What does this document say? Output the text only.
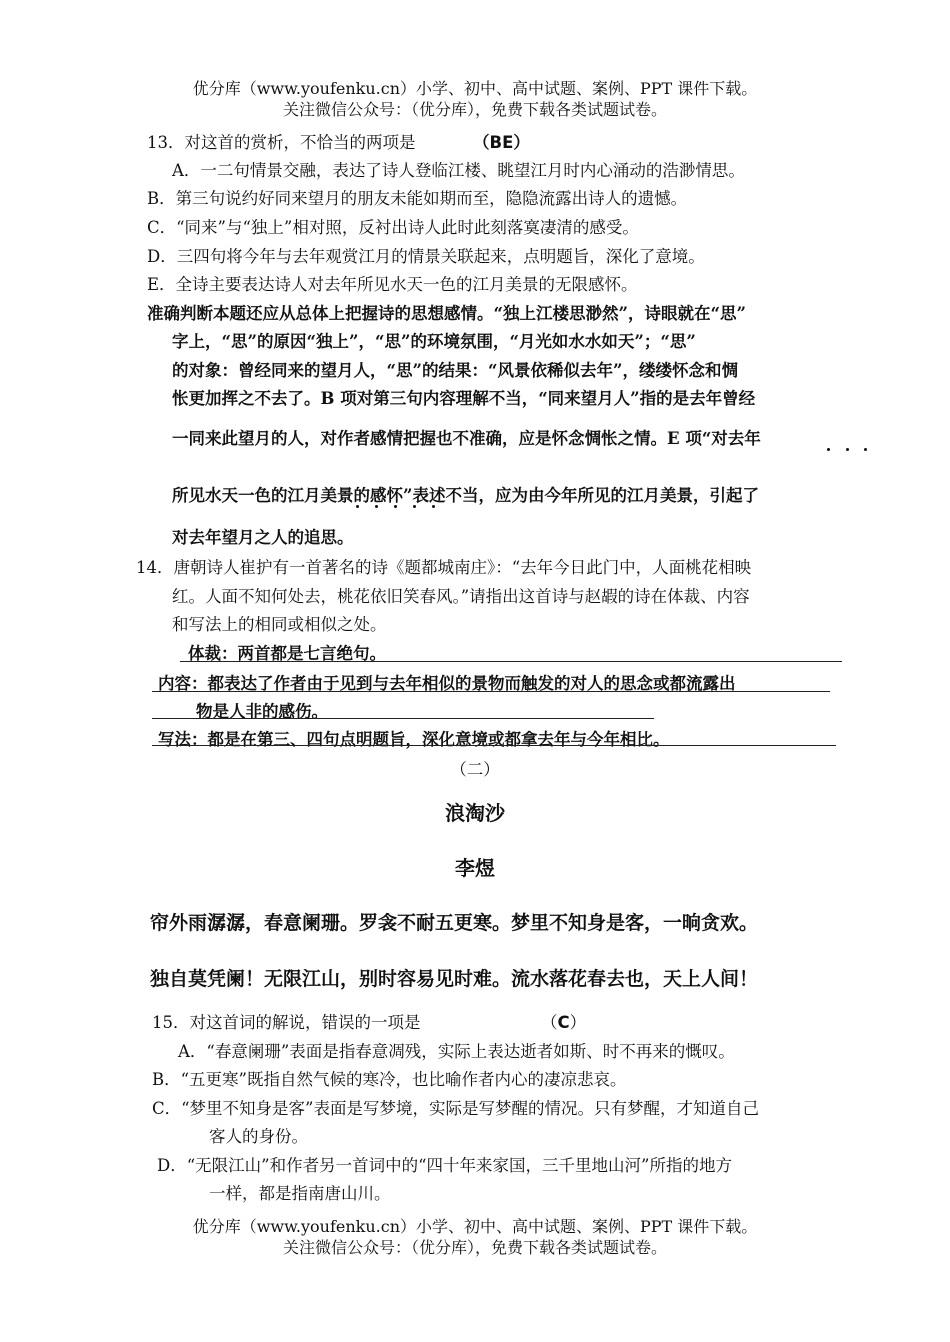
优分库（www.youfenku.cn）小学、初中、高中试题、案例、PPT 课件下载。
关注微信公众号：（优分库），免费下载各类试题试卷。
13．对这首的赏析，不恰当的两项是	（BE）
A．一二句情景交融，表达了诗人登临江楼、眺望江月时内心涌动的浩渺情思。
B．第三句说约好同来望月的朋友未能如期而至，隐隐流露出诗人的遗憾。
C．“同来”与“独上”相对照，反衬出诗人此时此刻落寞凄清的感受。
D．三四句将今年与去年观赏江月的情景关联起来，点明题旨，深化了意境。
E．全诗主要表达诗人对去年所见水天一色的江月美景的无限感怀。
准确判断本题还应从总体上把握诗的思想感情。“独上江楼思渺然”，诗眼就在“思”
字上，“思”的原因“独上”，“思”的环境氛围，“月光如水水如天”；“思”
的对象：曾经同来的望月人，“思”的结果：“风景依稀似去年”，缕缕怀念和惆
怅更加挥之不去了。B 项对第三句内容理解不当，“同来望月人”指的是去年曾经
一同来此望月的人，对作者感情把握也不准确，应是怀念惆怅之情。E 项“对去年
所见水天一色的江月美景的感怀”表述不当，应为由今年所见的江月美景，引起了
对去年望月之人的追思。
14．唐朝诗人崔护有一首著名的诗《题都城南庄》：“去年今日此门中，人面桃花相映
红。人面不知何处去，桃花依旧笑春风。”请指出这首诗与赵嘏的诗在体裁、内容
和写法上的相同或相似之处。
体裁：两首都是七言绝句。
内容：都表达了作者由于见到与去年相似的景物而触发的对人的思念或都流露出
物是人非的感伤。
写法：都是在第三、四句点明题旨，深化意境或都拿去年与今年相比。
（二）
浪淘沙
李煜
帘外雨潺潺，春意阑珊。罗衾不耐五更寒。梦里不知身是客，一晌贪欢。
独自莫凭阑！无限江山，别时容易见时难。流水落花春去也，天上人间！
15．对这首词的解说，错误的一项是	（C）
A．“春意阑珊”表面是指春意凋残，实际上表达逝者如斯、时不再来的慨叹。
B．“五更寒”既指自然气候的寒冷，也比喻作者内心的凄凉悲哀。
C．“梦里不知身是客”表面是写梦境，实际是写梦醒的情况。只有梦醒，才知道自己
客人的身份。
D．“无限江山”和作者另一首词中的“四十年来家国，三千里地山河”所指的地方
一样，都是指南唐山川。
优分库（www.youfenku.cn）小学、初中、高中试题、案例、PPT 课件下载。
关注微信公众号：（优分库），免费下载各类试题试卷。
